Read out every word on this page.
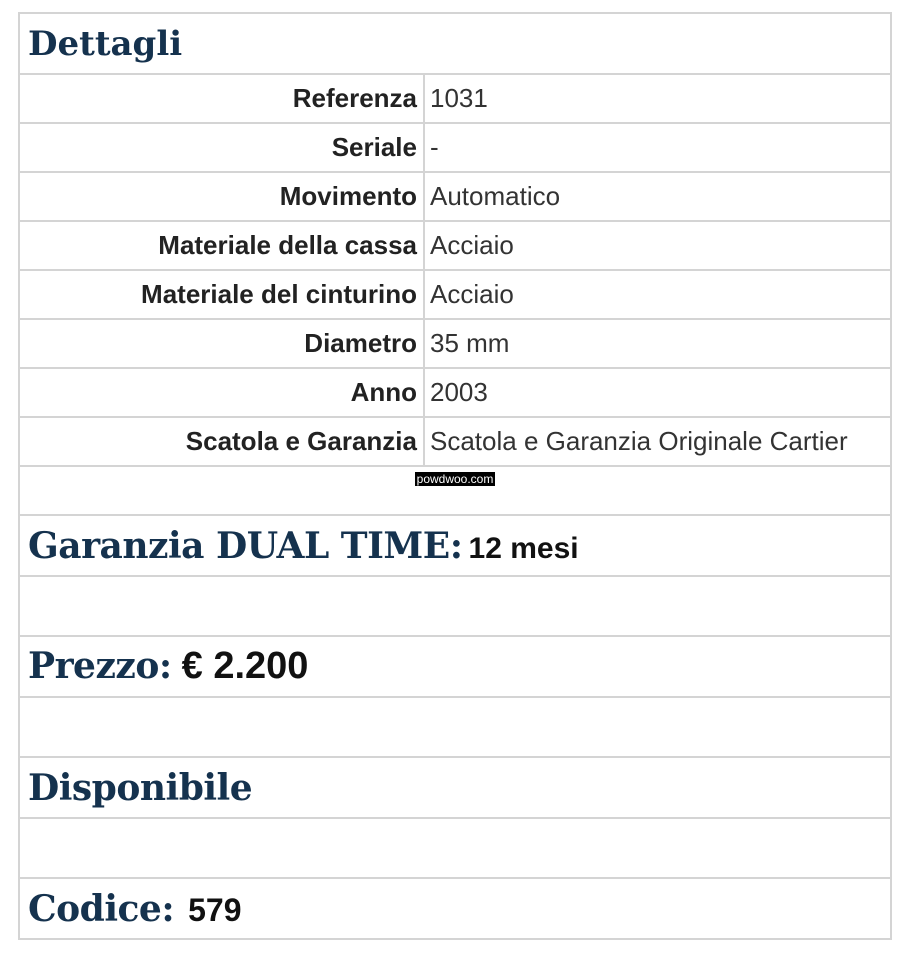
Dettagli	
Referenza	1031
Seriale	-
Movimento	Automatico
Materiale della cassa	Acciaio
Materiale del cinturino	Acciaio
Diametro	35 mm
Anno	2003
Scatola e Garanzia	Scatola e Garanzia Originale Cartier
powdwoo.com	
Garanzia DUAL TIME: 12 mesi	

Prezzo: € 2.200	

Disponibile	

Codice: 579	
